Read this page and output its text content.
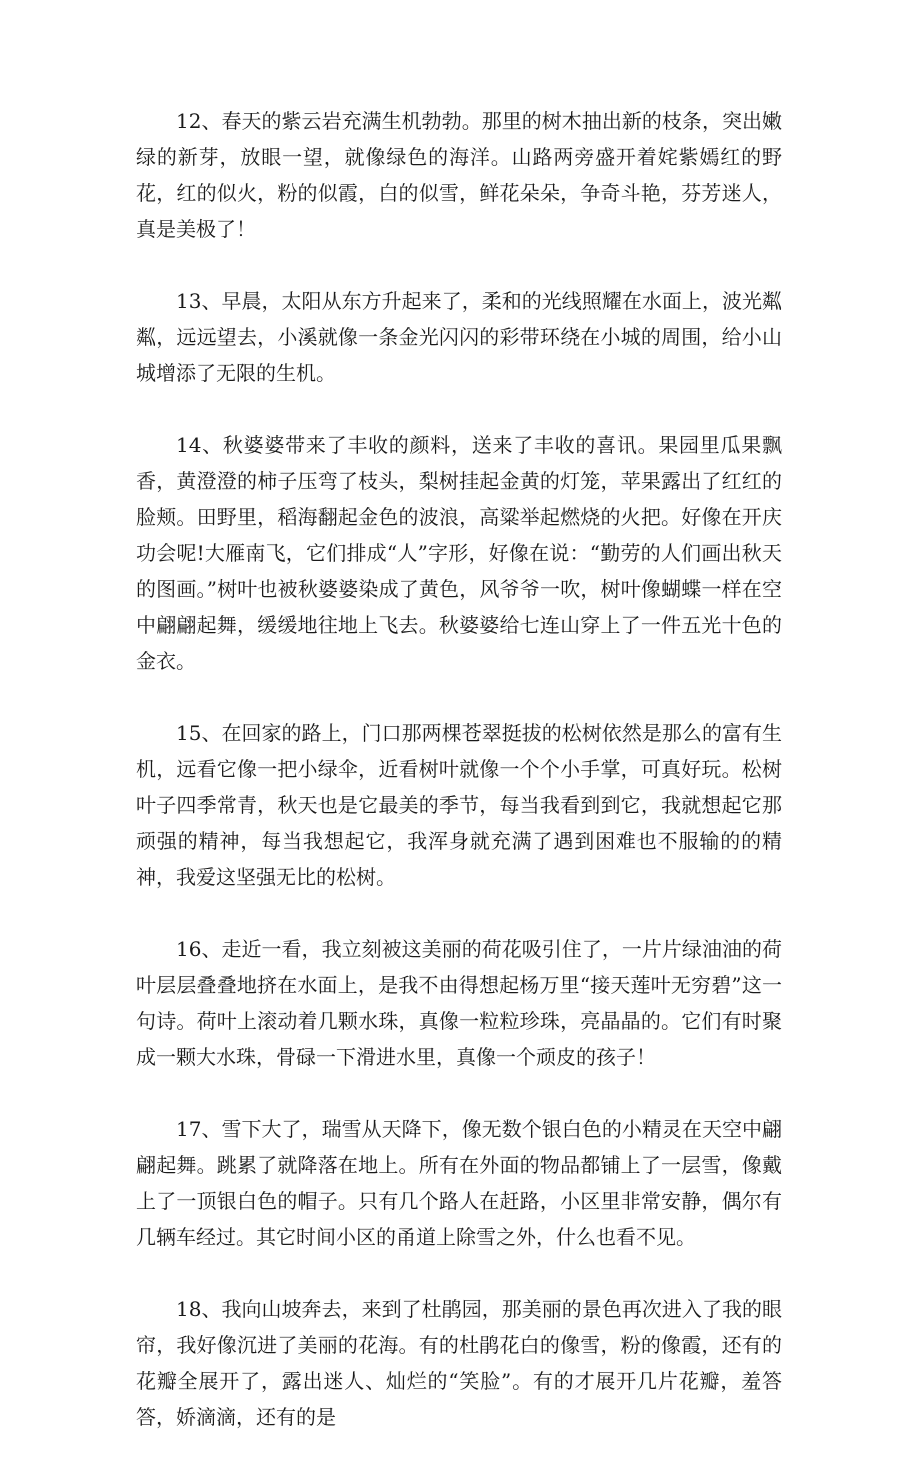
12、春天的紫云岩充满生机勃勃。那里的树木抽出新的枝条，突出嫩绿的新芽，放眼一望，就像绿色的海洋。山路两旁盛开着姹紫嫣红的野花，红的似火，粉的似霞，白的似雪，鲜花朵朵，争奇斗艳，芬芳迷人，真是美极了！

13、早晨，太阳从东方升起来了，柔和的光线照耀在水面上，波光粼粼，远远望去，小溪就像一条金光闪闪的彩带环绕在小城的周围，给小山城增添了无限的生机。

14、秋婆婆带来了丰收的颜料，送来了丰收的喜讯。果园里瓜果飘香，黄澄澄的柿子压弯了枝头，梨树挂起金黄的灯笼，苹果露出了红红的脸颊。田野里，稻海翻起金色的波浪，高粱举起燃烧的火把。好像在开庆功会呢!大雁南飞，它们排成“人”字形，好像在说：“勤劳的人们画出秋天的图画。”树叶也被秋婆婆染成了黄色，风爷爷一吹，树叶像蝴蝶一样在空中翩翩起舞，缓缓地往地上飞去。秋婆婆给七连山穿上了一件五光十色的金衣。

15、在回家的路上，门口那两棵苍翠挺拔的松树依然是那么的富有生机，远看它像一把小绿伞，近看树叶就像一个个小手掌，可真好玩。松树叶子四季常青，秋天也是它最美的季节，每当我看到到它，我就想起它那顽强的精神，每当我想起它，我浑身就充满了遇到困难也不服输的的精神，我爱这坚强无比的松树。

16、走近一看，我立刻被这美丽的荷花吸引住了，一片片绿油油的荷叶层层叠叠地挤在水面上，是我不由得想起杨万里“接天莲叶无穷碧”这一句诗。荷叶上滚动着几颗水珠，真像一粒粒珍珠，亮晶晶的。它们有时聚成一颗大水珠，骨碌一下滑进水里，真像一个顽皮的孩子！

17、雪下大了，瑞雪从天降下，像无数个银白色的小精灵在天空中翩翩起舞。跳累了就降落在地上。所有在外面的物品都铺上了一层雪，像戴上了一顶银白色的帽子。只有几个路人在赶路，小区里非常安静，偶尔有几辆车经过。其它时间小区的甬道上除雪之外，什么也看不见。

18、我向山坡奔去，来到了杜鹃园，那美丽的景色再次进入了我的眼帘，我好像沉进了美丽的花海。有的杜鹃花白的像雪，粉的像霞，还有的花瓣全展开了，露出迷人、灿烂的“笑脸”。有的才展开几片花瓣，羞答答，娇滴滴，还有的是
